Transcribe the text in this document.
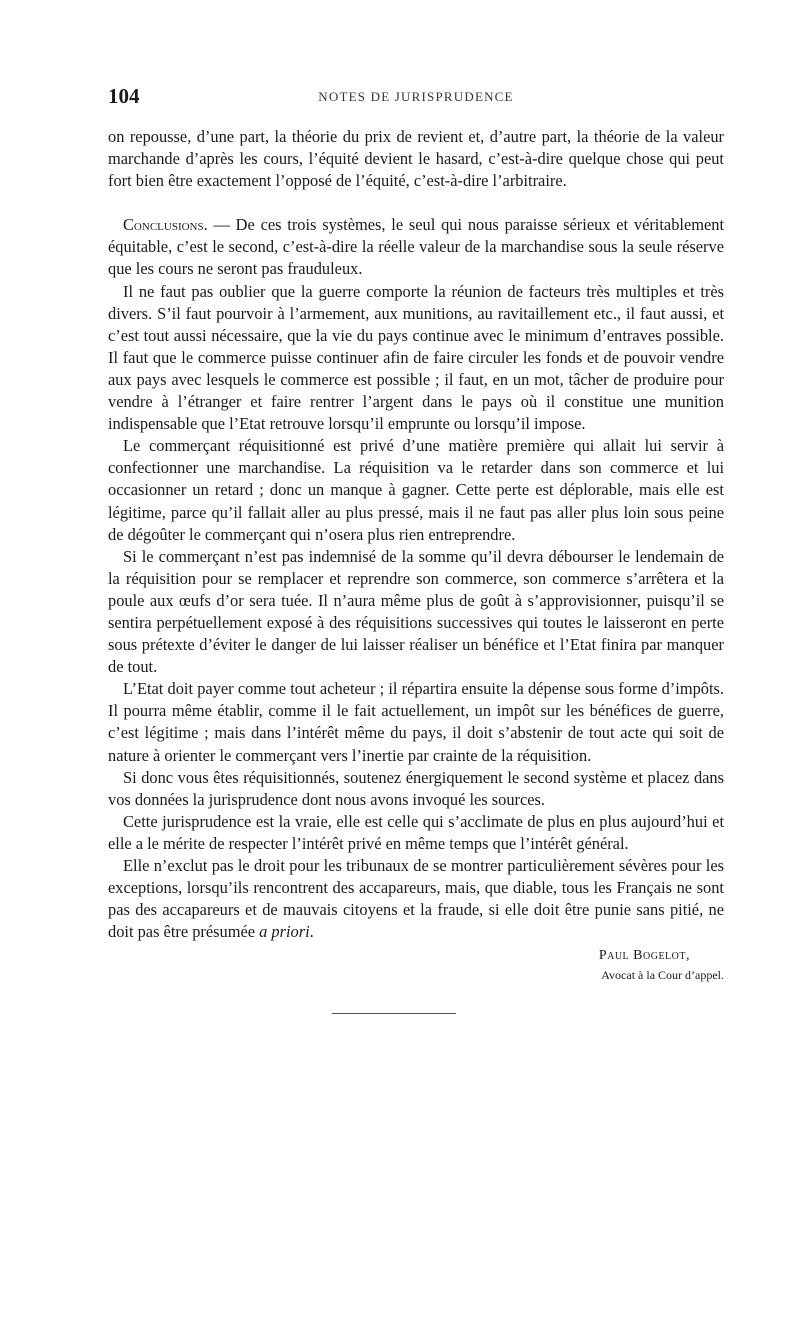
104	NOTES DE JURISPRUDENCE

on repousse, d’une part, la théorie du prix de revient et, d’autre part, la théorie de la valeur marchande d’après les cours, l’équité devient le hasard, c’est-à-dire quelque chose qui peut fort bien être exactement l’opposé de l’équité, c’est-à-dire l’arbitraire.

Conclusions. — De ces trois systèmes, le seul qui nous paraisse sérieux et véritablement équitable, c’est le second, c’est-à-dire la réelle valeur de la marchandise sous la seule réserve que les cours ne seront pas frauduleux.

Il ne faut pas oublier que la guerre comporte la réunion de facteurs très multiples et très divers. S’il faut pourvoir à l’armement, aux munitions, au ravitaillement etc., il faut aussi, et c’est tout aussi nécessaire, que la vie du pays continue avec le minimum d’entraves possible. Il faut que le commerce puisse continuer afin de faire circuler les fonds et de pouvoir vendre aux pays avec lesquels le commerce est possible ; il faut, en un mot, tâcher de produire pour vendre à l’étranger et faire rentrer l’argent dans le pays où il constitue une munition indispensable que l’Etat retrouve lorsqu’il emprunte ou lorsqu’il impose.

Le commerçant réquisitionné est privé d’une matière première qui allait lui servir à confectionner une marchandise. La réquisition va le retarder dans son commerce et lui occasionner un retard ; donc un manque à gagner. Cette perte est déplorable, mais elle est légitime, parce qu’il fallait aller au plus pressé, mais il ne faut pas aller plus loin sous peine de dégoûter le commerçant qui n’osera plus rien entreprendre.

Si le commerçant n’est pas indemnisé de la somme qu’il devra débourser le lendemain de la réquisition pour se remplacer et reprendre son commerce, son commerce s’arrêtera et la poule aux œufs d’or sera tuée. Il n’aura même plus de goût à s’approvisionner, puisqu’il se sentira perpétuellement exposé à des réquisitions successives qui toutes le laisseront en perte sous prétexte d’éviter le danger de lui laisser réaliser un bénéfice et l’Etat finira par manquer de tout.

L’Etat doit payer comme tout acheteur ; il répartira ensuite la dépense sous forme d’impôts. Il pourra même établir, comme il le fait actuellement, un impôt sur les bénéfices de guerre, c’est légitime ; mais dans l’intérêt même du pays, il doit s’abstenir de tout acte qui soit de nature à orienter le commerçant vers l’inertie par crainte de la réquisition.

Si donc vous êtes réquisitionnés, soutenez énergiquement le second système et placez dans vos données la jurisprudence dont nous avons invoqué les sources.

Cette jurisprudence est la vraie, elle est celle qui s’acclimate de plus en plus aujourd’hui et elle a le mérite de respecter l’intérêt privé en même temps que l’intérêt général.

Elle n’exclut pas le droit pour les tribunaux de se montrer particulièrement sévères pour les exceptions, lorsqu’ils rencontrent des accapareurs, mais, que diable, tous les Français ne sont pas des accapareurs et de mauvais citoyens et la fraude, si elle doit être punie sans pitié, ne doit pas être présumée a priori.

Paul Bogelot,
Avocat à la Cour d’appel.
